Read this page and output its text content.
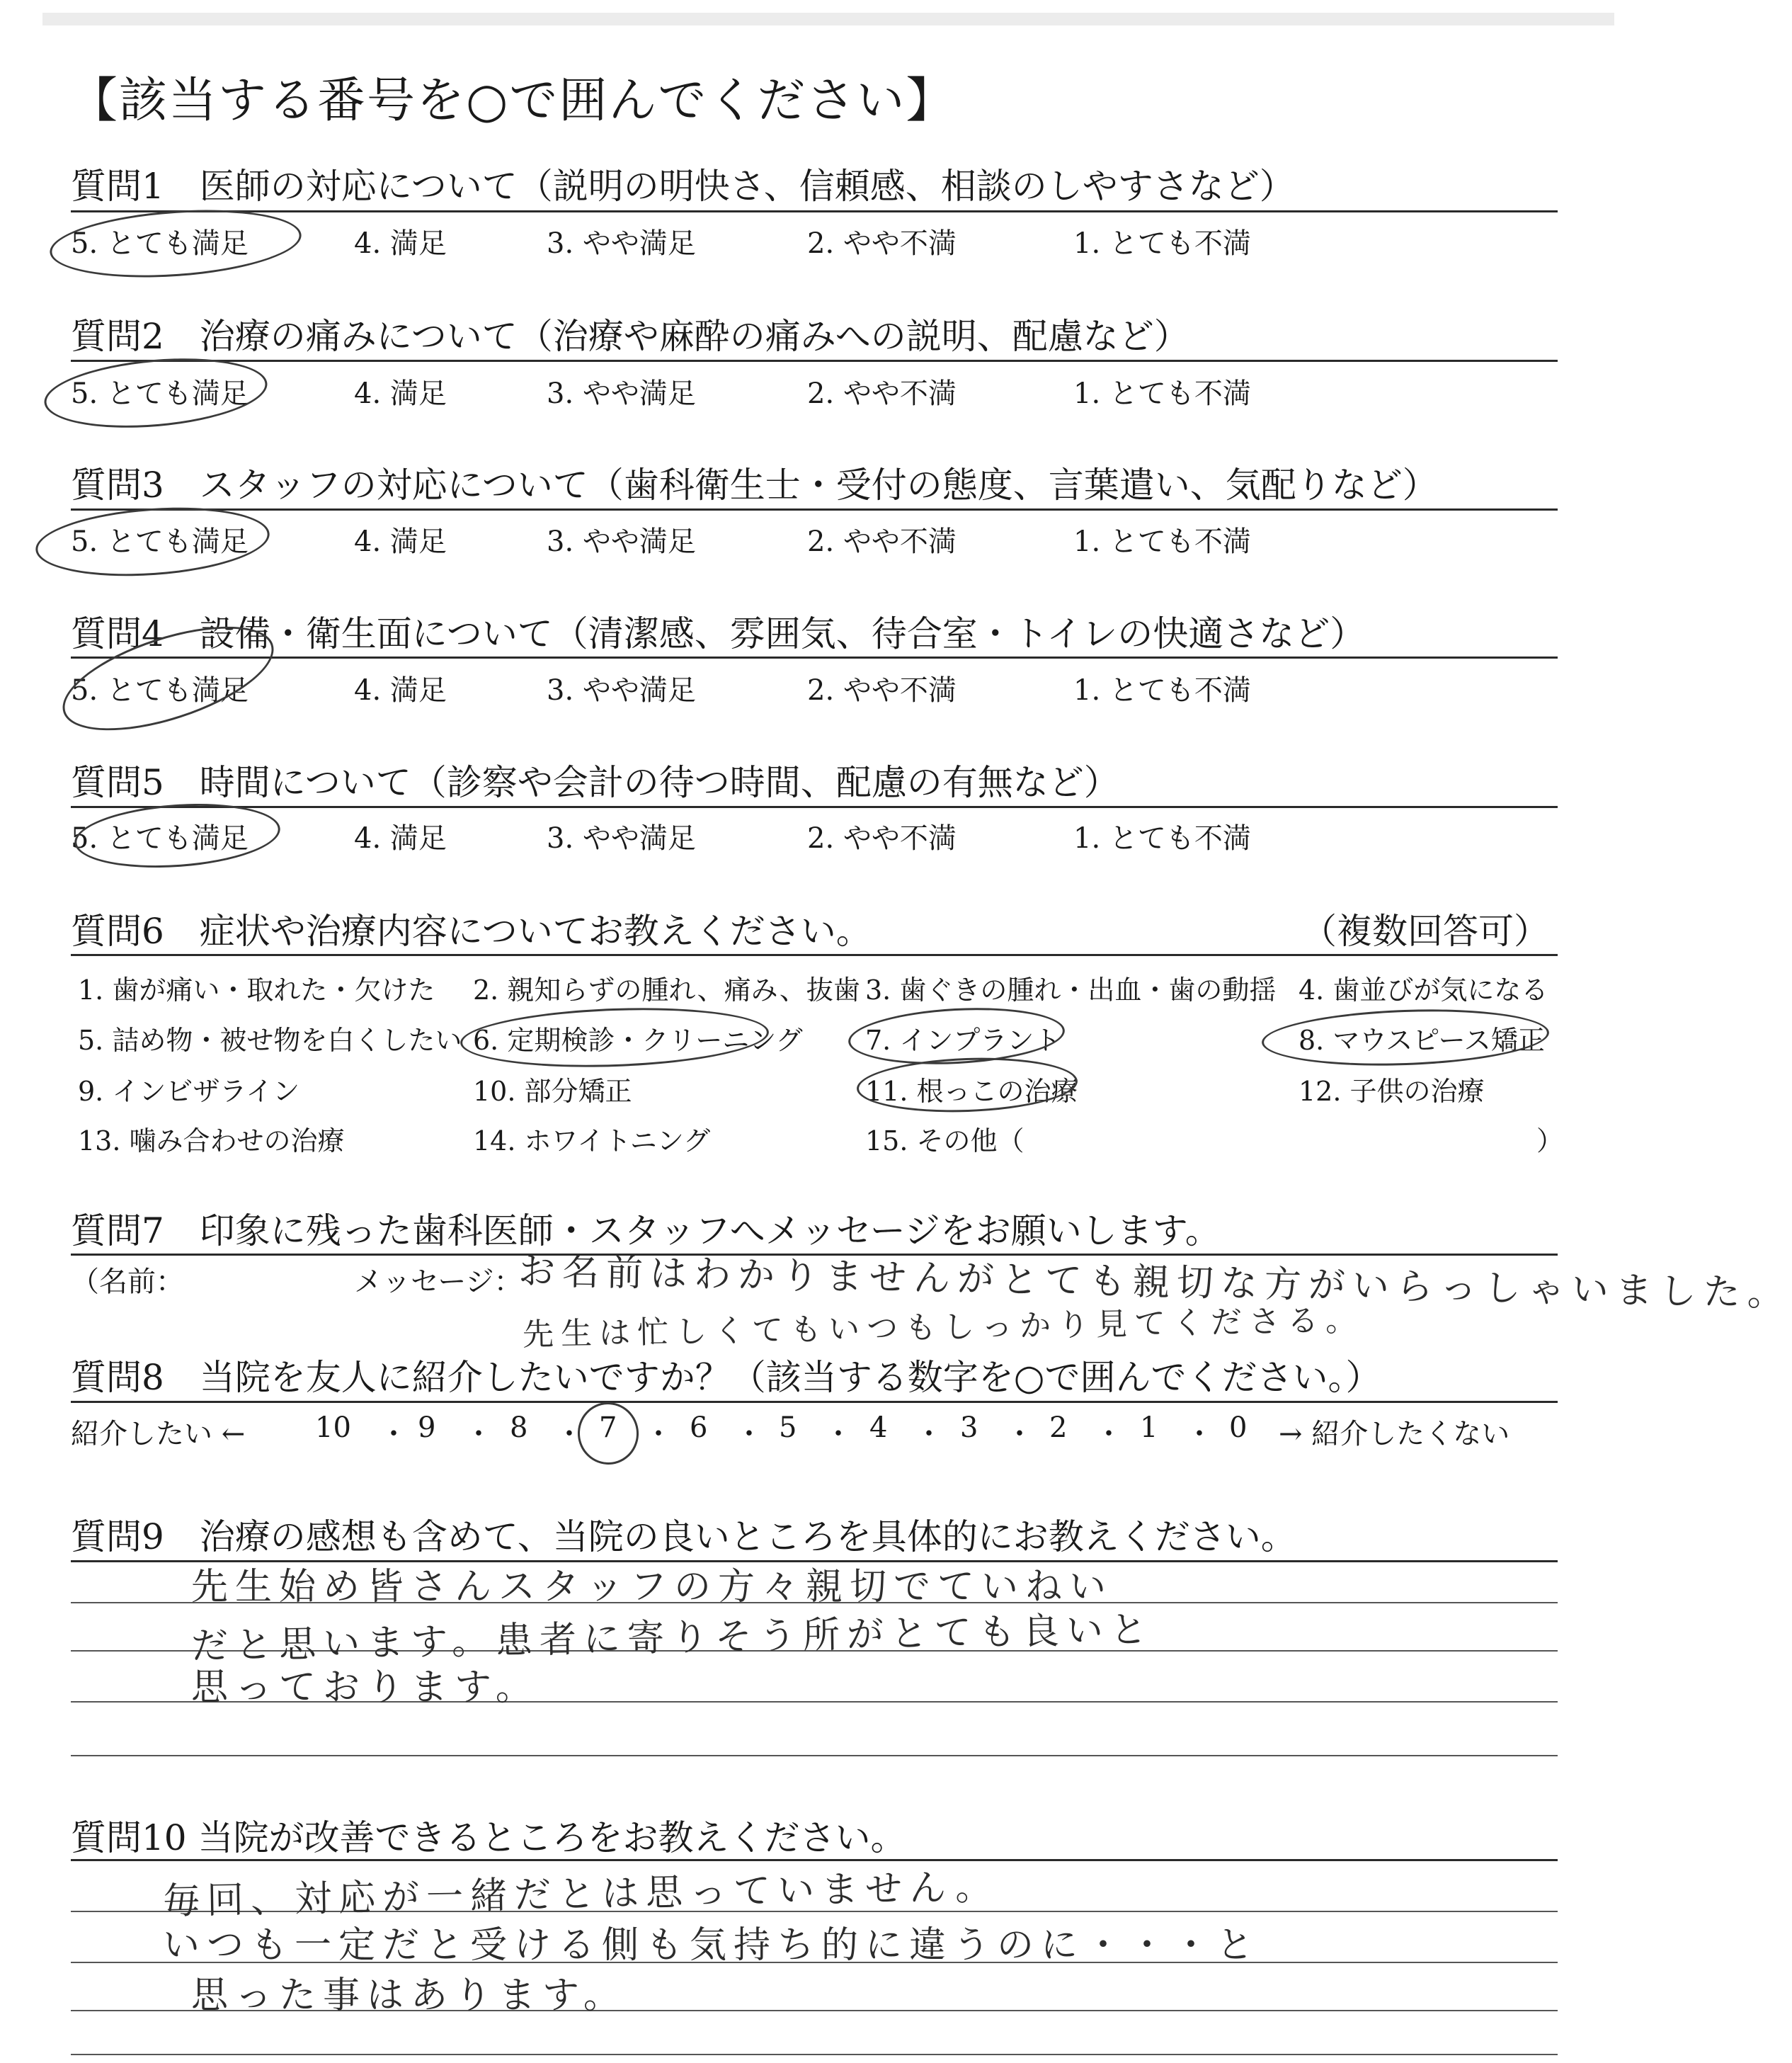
【該当する番号を○で囲んでください】
質問1　医師の対応について（説明の明快さ、信頼感、相談のしやすさなど）
5. とても満足	4. 満足	3. やや満足	2. やや不満	1. とても不満
質問2　治療の痛みについて（治療や麻酔の痛みへの説明、配慮など）
5. とても満足	4. 満足	3. やや満足	2. やや不満	1. とても不満
質問3　スタッフの対応について（歯科衛生士・受付の態度、言葉遣い、気配りなど）
5. とても満足	4. 満足	3. やや満足	2. やや不満	1. とても不満
質問4　設備・衛生面について（清潔感、雰囲気、待合室・トイレの快適さなど）
5. とても満足	4. 満足	3. やや満足	2. やや不満	1. とても不満
質問5　時間について（診察や会計の待つ時間、配慮の有無など）
5. とても満足	4. 満足	3. やや満足	2. やや不満	1. とても不満
質問6　症状や治療内容についてお教えください。	（複数回答可）
1. 歯が痛い・取れた・欠けた 2. 親知らずの腫れ、痛み、抜歯 3. 歯ぐきの腫れ・出血・歯の動揺 4. 歯並びが気になる
5. 詰め物・被せ物を白くしたい 6. 定期検診・クリーニング 7. インプラント	8. マウスピース矯正
9. インビザライン	10. 部分矯正	11. 根っこの治療	12. 子供の治療
13. 噛み合わせの治療	14. ホワイトニング	15. その他（	）
質問7　印象に残った歯科医師・スタッフへメッセージをお願いします。
（名前：	メッセージ：
お名前はわかりませんがとても親切な方がいらっしゃいました。
先生は忙しくてもいつもしっかり見てくださる。
質問8　当院を友人に紹介したいですか？（該当する数字を○で囲んでください。）
紹介したい ← 10 9	8	7	6	5	4	3	2	1	0
・ ・ ・ ・ ・ ・ ・ ・ ・ ・ → 紹介したくない
質問9　治療の感想も含めて、当院の良いところを具体的にお教えください。
先生始め皆さんスタッフの方々親切でていねい
だと思います。患者に寄りそう所がとても良いと
思っております。
質問10 当院が改善できるところをお教えください。
毎回、対応が一緒だとは思っていません。
いつも一定だと受ける側も気持ち的に違うのに・・・と
思った事はあります。
